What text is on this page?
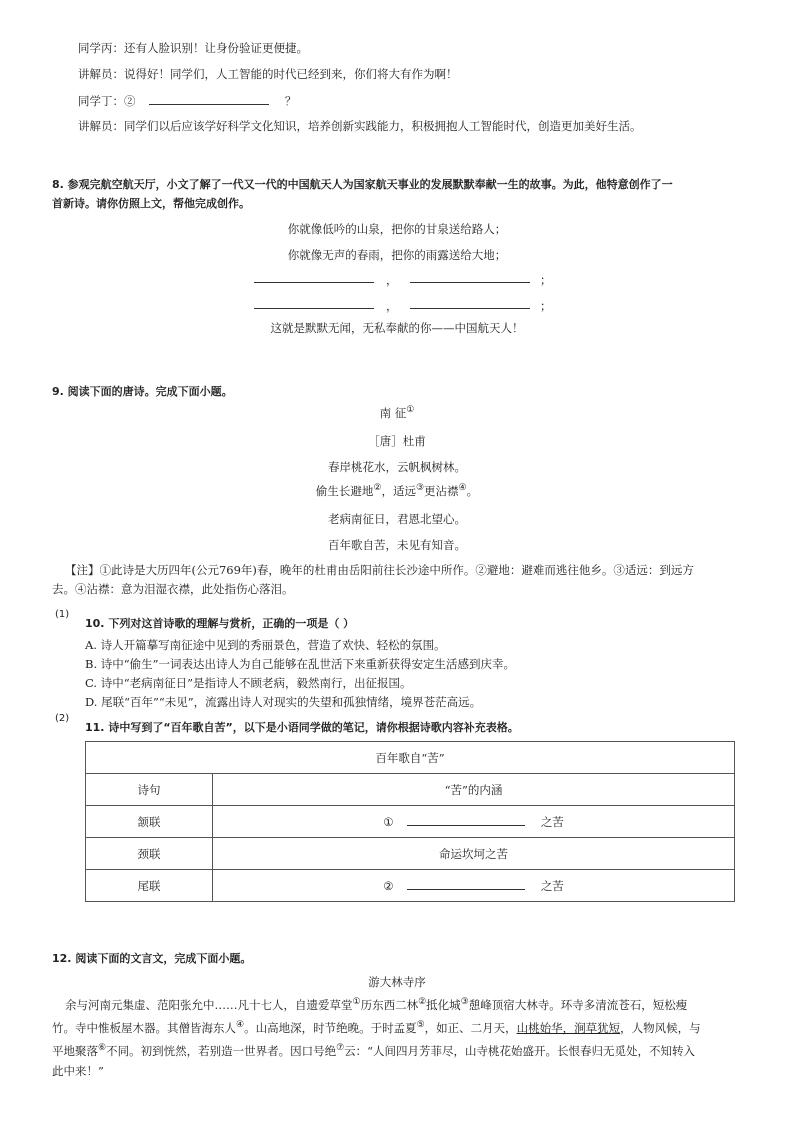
同学丙：还有人脸识别！让身份验证更便捷。
讲解员：说得好！同学们，人工智能的时代已经到来，你们将大有作为啊！
同学丁：②	？
讲解员：同学们以后应该学好科学文化知识，培养创新实践能力，积极拥抱人工智能时代，创造更加美好生活。
8. 参观完航空航天厅，小文了解了一代又一代的中国航天人为国家航天事业的发展默默奉献一生的故事。为此，他特意创作了一
首新诗。请你仿照上文，帮他完成创作。
你就像低吟的山泉，把你的甘泉送给路人；
你就像无声的春雨，把你的雨露送给大地；
，	；
，	；
这就是默默无闻，无私奉献的你——中国航天人！
9. 阅读下面的唐诗。完成下面小题。
南 征①
［唐］杜甫
春岸桃花水，云帆枫树林。
偷生长避地②，适远③更沾襟④。
老病南征日，君恩北望心。
百年歌自苦，未见有知音。
【注】①此诗是大历四年(公元769年)春，晚年的杜甫由岳阳前往长沙途中所作。②避地：避难而逃往他乡。③适远：到远方
去。④沾襟：意为泪湿衣襟，此处指伤心落泪。
(1)
10. 下列对这首诗歌的理解与赏析，正确的一项是（ ）
A. 诗人开篇摹写南征途中见到的秀丽景色，营造了欢快、轻松的氛围。
B. 诗中“偷生”一词表达出诗人为自己能够在乱世活下来重新获得安定生活感到庆幸。
C. 诗中“老病南征日”是指诗人不顾老病，毅然南行，出征报国。
D. 尾联“百年”“未见”，流露出诗人对现实的失望和孤独情绪，境界苍茫高远。
(2)
11. 诗中写到了“百年歌自苦”，以下是小语同学做的笔记，请你根据诗歌内容补充表格。
百年歌自“苦”	
诗句	“苦”的内涵
颔联	① 之苦
颈联	命运坎坷之苦
尾联	② 之苦
12. 阅读下面的文言文，完成下面小题。
游大林寺序
余与河南元集虚、范阳张允中……凡十七人，自遗爱草堂①历东西二林②抵化城③憩峰顶宿大林寺。环寺多清流苍石，短松瘦
竹。寺中惟板屋木器。其僧皆海东人④。山高地深，时节绝晚。于时孟夏⑤，如正、二月天，山桃始华，涧草犹短，人物风候，与
平地聚落⑥不同。初到恍然，若别造一世界者。因口号绝⑦云：“人间四月芳菲尽，山寺桃花始盛开。长恨春归无觅处，不知转入
此中来！”
